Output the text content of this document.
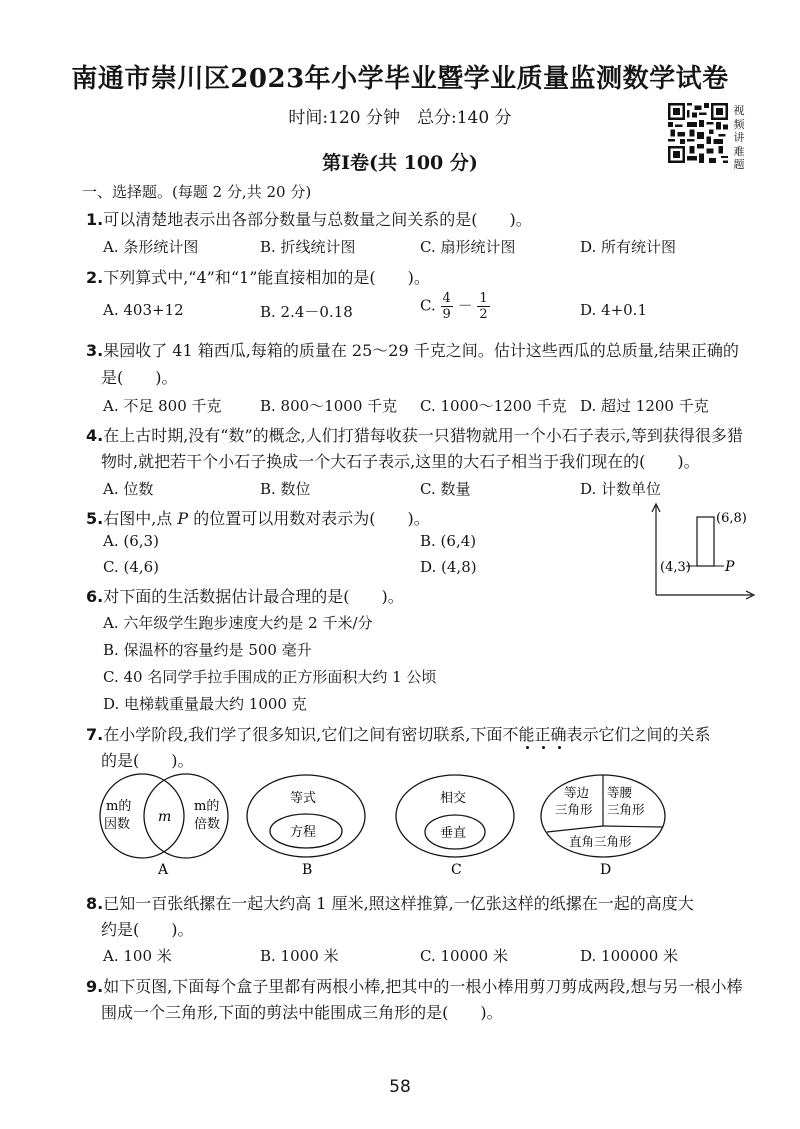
南通市崇川区2023年小学毕业暨学业质量监测数学试卷
时间:120 分钟　总分:140 分	视频讲难题
第Ⅰ卷(共 100 分)
一、选择题。(每题 2 分,共 20 分)
1.可以清楚地表示出各部分数量与总数量之间关系的是(　　)。
A. 条形统计图	B. 折线统计图	C. 扇形统计图	D. 所有统计图
2.下列算式中,“4”和“1”能直接相加的是(　　)。
A. 403+12	B. 2.4－0.18	C. $\frac{4}{9} - \frac{1}{2}$	D. 4+0.1
3.果园收了 41 箱西瓜,每箱的质量在 25～29 千克之间。估计这些西瓜的总质量,结果正确的
是(　　)。
A. 不足 800 千克	B. 800～1000 千克 C. 1000～1200 千克 D. 超过 1200 千克
4.在上古时期,没有“数”的概念,人们打猎每收获一只猎物就用一个小石子表示,等到获得很多猎
物时,就把若干个小石子换成一个大石子表示,这里的大石子相当于我们现在的(　　)。
A. 位数	B. 数位	C. 数量	D. 计数单位
5.右图中,点 P 的位置可以用数对表示为(　　)。
A. (6,3)	B. (6,4)
C. (4,6)	D. (4,8)
(6,8)
(4,3) P
6.对下面的生活数据估计最合理的是(　　)。
A. 六年级学生跑步速度大约是 2 千米/分
B. 保温杯的容量约是 500 毫升
C. 40 名同学手拉手围成的正方形面积大约 1 公顷
D. 电梯载重量最大约 1000 克
7.在小学阶段,我们学了很多知识,它们之间有密切联系,下面不能正确表示它们之间的关系
的是(　　)。
m的
因数 m
m的
倍数
A
等式
方程
B
相交
垂直
C
等边
三角形
等腰
三角形
直角三角形
D
8.已知一百张纸摞在一起大约高 1 厘米,照这样推算,一亿张这样的纸摞在一起的高度大
约是(　　)。
A. 100 米	B. 1000 米	C. 10000 米	D. 100000 米
9.如下页图,下面每个盒子里都有两根小棒,把其中的一根小棒用剪刀剪成两段,想与另一根小棒
围成一个三角形,下面的剪法中能围成三角形的是(　　)。
58
